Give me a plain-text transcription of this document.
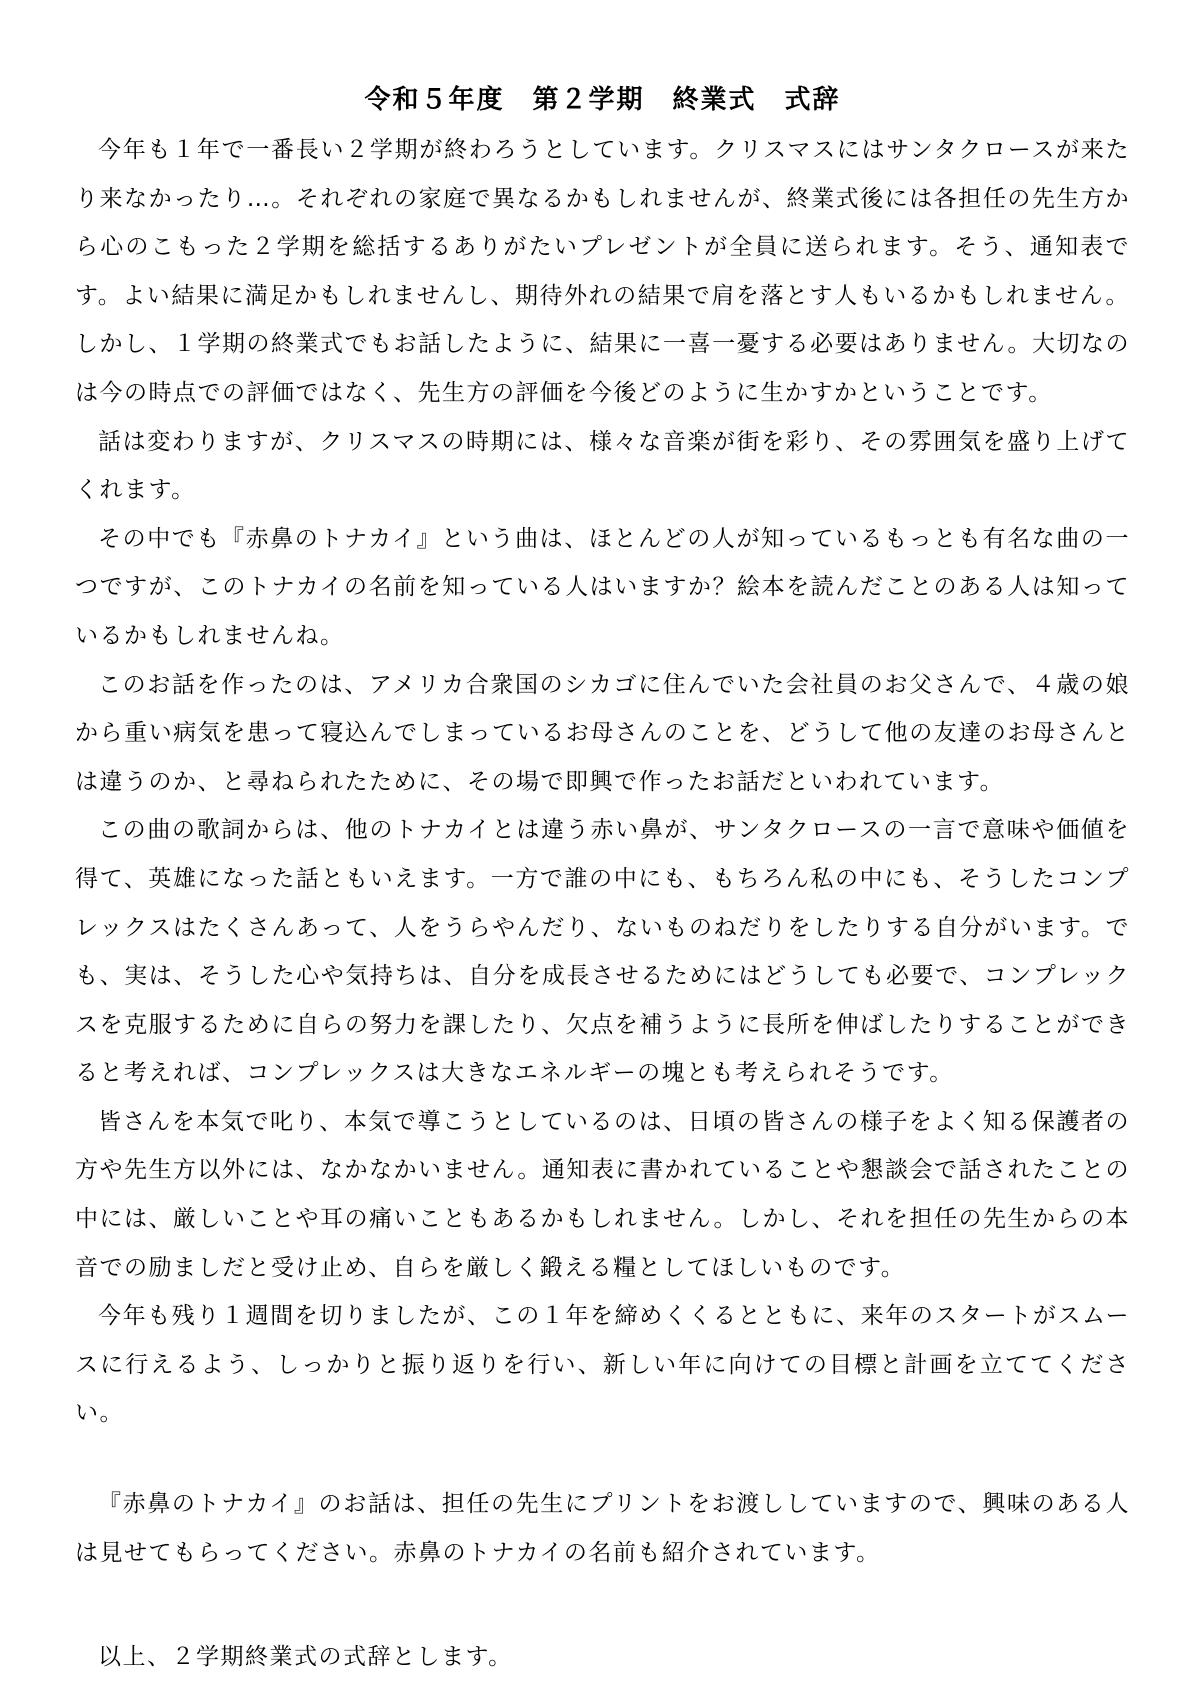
令和５年度　第２学期　終業式　式辞

今年も１年で一番長い２学期が終わろうとしています。クリスマスにはサンタクロースが来たり来なかったり…。それぞれの家庭で異なるかもしれませんが、終業式後には各担任の先生方から心のこもった２学期を総括するありがたいプレゼントが全員に送られます。そう、通知表です。よい結果に満足かもしれませんし、期待外れの結果で肩を落とす人もいるかもしれません。しかし、１学期の終業式でもお話したように、結果に一喜一憂する必要はありません。大切なのは今の時点での評価ではなく、先生方の評価を今後どのように生かすかということです。

話は変わりますが、クリスマスの時期には、様々な音楽が街を彩り、その雰囲気を盛り上げてくれます。

その中でも『赤鼻のトナカイ』という曲は、ほとんどの人が知っているもっとも有名な曲の一つですが、このトナカイの名前を知っている人はいますか？絵本を読んだことのある人は知っているかもしれませんね。

このお話を作ったのは、アメリカ合衆国のシカゴに住んでいた会社員のお父さんで、４歳の娘から重い病気を患って寝込んでしまっているお母さんのことを、どうして他の友達のお母さんとは違うのか、と尋ねられたために、その場で即興で作ったお話だといわれています。

この曲の歌詞からは、他のトナカイとは違う赤い鼻が、サンタクロースの一言で意味や価値を得て、英雄になった話ともいえます。一方で誰の中にも、もちろん私の中にも、そうしたコンプレックスはたくさんあって、人をうらやんだり、ないものねだりをしたりする自分がいます。でも、実は、そうした心や気持ちは、自分を成長させるためにはどうしても必要で、コンプレックスを克服するために自らの努力を課したり、欠点を補うように長所を伸ばしたりすることができると考えれば、コンプレックスは大きなエネルギーの塊とも考えられそうです。

皆さんを本気で叱り、本気で導こうとしているのは、日頃の皆さんの様子をよく知る保護者の方や先生方以外には、なかなかいません。通知表に書かれていることや懇談会で話されたことの中には、厳しいことや耳の痛いこともあるかもしれません。しかし、それを担任の先生からの本音での励ましだと受け止め、自らを厳しく鍛える糧としてほしいものです。

今年も残り１週間を切りましたが、この１年を締めくくるとともに、来年のスタートがスムースに行えるよう、しっかりと振り返りを行い、新しい年に向けての目標と計画を立ててください。

『赤鼻のトナカイ』のお話は、担任の先生にプリントをお渡ししていますので、興味のある人は見せてもらってください。赤鼻のトナカイの名前も紹介されています。

以上、２学期終業式の式辞とします。
